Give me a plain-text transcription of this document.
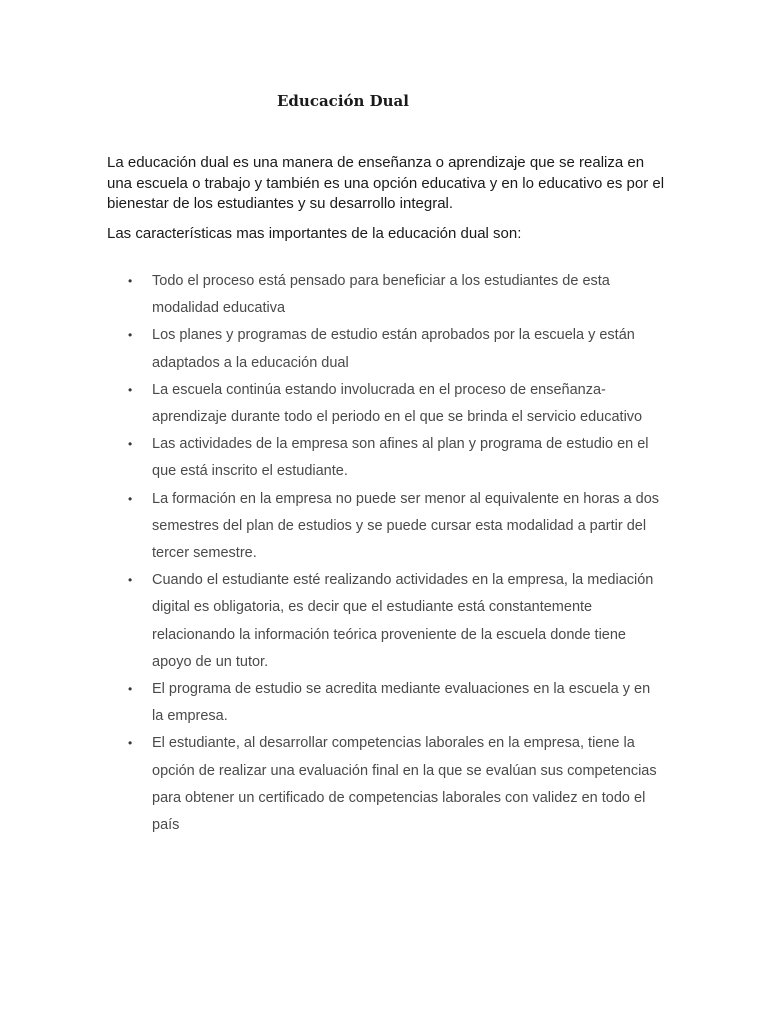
Educación Dual

La educación dual es una manera de enseñanza o aprendizaje que se realiza en una escuela o trabajo y también es una opción educativa y en lo educativo es por el bienestar de los estudiantes y su desarrollo integral.

Las características mas importantes de la educación dual son:

• Todo el proceso está pensado para beneficiar a los estudiantes de esta modalidad educativa
• Los planes y programas de estudio están aprobados por la escuela y están adaptados a la educación dual
• La escuela continúa estando involucrada en el proceso de enseñanza-aprendizaje durante todo el periodo en el que se brinda el servicio educativo
• Las actividades de la empresa son afines al plan y programa de estudio en el que está inscrito el estudiante.
• La formación en la empresa no puede ser menor al equivalente en horas a dos semestres del plan de estudios y se puede cursar esta modalidad a partir del tercer semestre.
• Cuando el estudiante esté realizando actividades en la empresa, la mediación digital es obligatoria, es decir que el estudiante está constantemente relacionando la información teórica proveniente de la escuela donde tiene apoyo de un tutor.
• El programa de estudio se acredita mediante evaluaciones en la escuela y en la empresa.
• El estudiante, al desarrollar competencias laborales en la empresa, tiene la opción de realizar una evaluación final en la que se evalúan sus competencias para obtener un certificado de competencias laborales con validez en todo el país
